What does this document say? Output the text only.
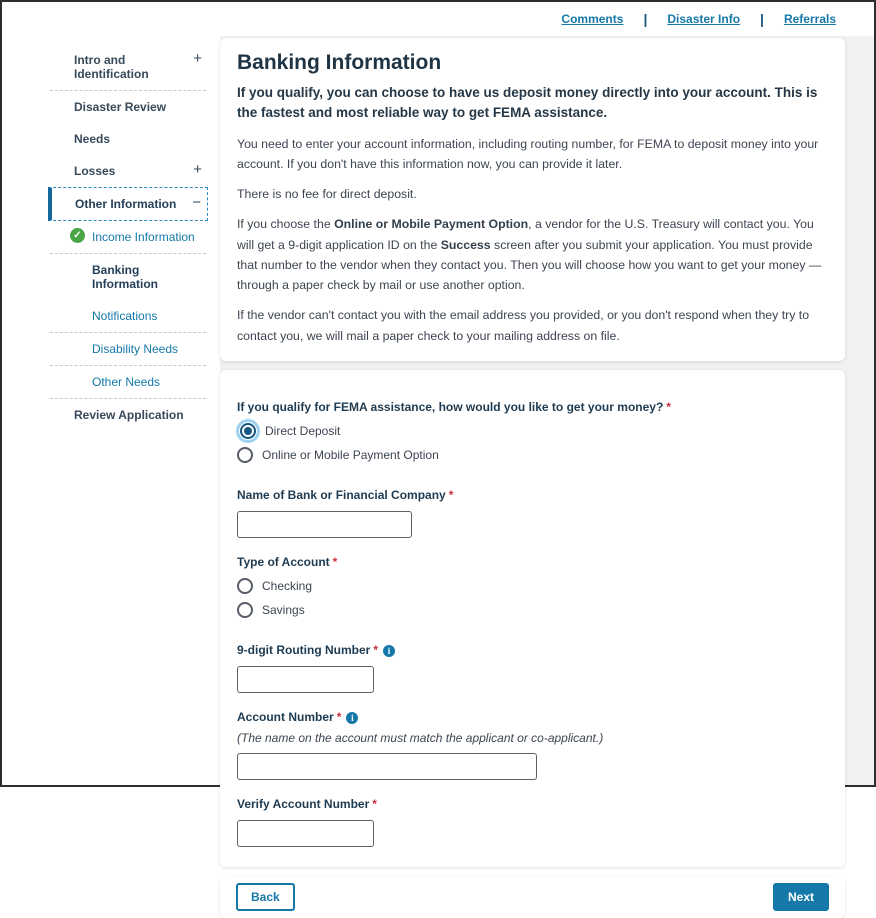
Comments | Disaster Info | Referrals
Intro and Identification
+
Disaster Review
Needs
Losses	+
Other Information −
✓ Income Information
Banking Information
Notifications
Disability Needs
Other Needs
Review Application
Banking Information
If you qualify, you can choose to have us deposit money directly into your account. This is the fastest and most reliable way to get FEMA assistance.

You need to enter your account information, including routing number, for FEMA to deposit money into your account. If you don't have this information now, you can provide it later.

There is no fee for direct deposit.

If you choose the Online or Mobile Payment Option, a vendor for the U.S. Treasury will contact you. You will get a 9-digit application ID on the Success screen after you submit your application. You must provide that number to the vendor when they contact you. Then you will choose how you want to get your money — through a paper check by mail or use another option.

If the vendor can't contact you with the email address you provided, or you don't respond when they try to contact you, we will mail a paper check to your mailing address on file.

If you qualify for FEMA assistance, how would you like to get your money? *
Direct Deposit
Online or Mobile Payment Option
Name of Bank or Financial Company *
Type of Account *
Checking
Savings
9-digit Routing Number * i
Account Number * i
(The name on the account must match the applicant or co-applicant.)
Verify Account Number *
Back	Next
